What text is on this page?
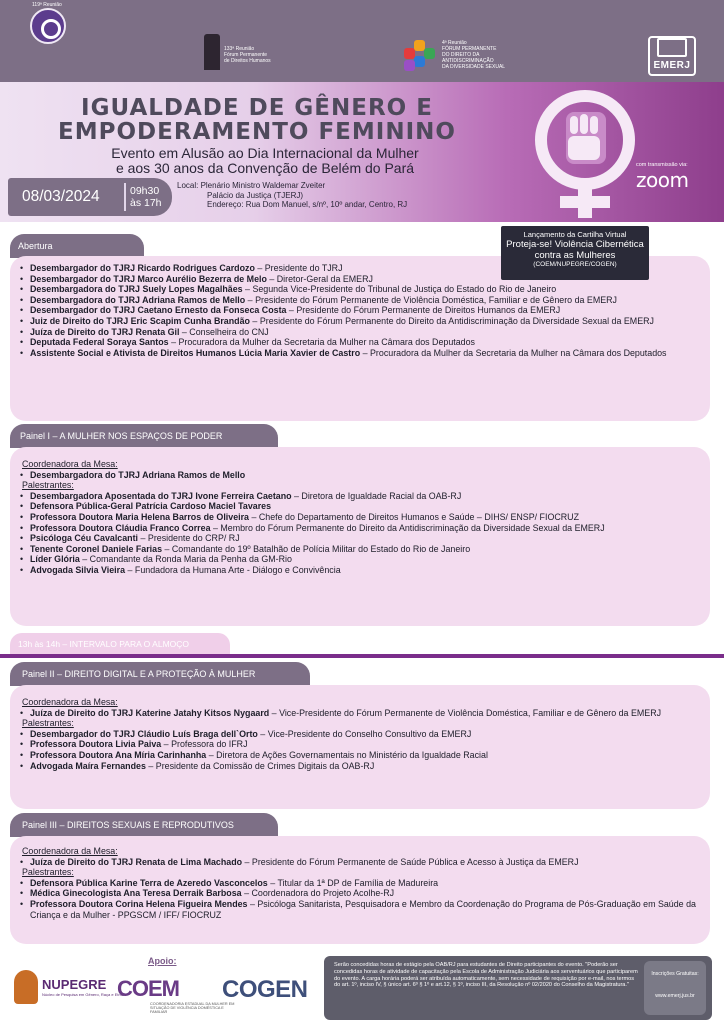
119ª Reunião
133ª Reunião
Fórum Permanente
de Direitos Humanos
4ª Reunião
FÓRUM PERMANENTE
DO DIREITO DA
ANTIDISCRIMINAÇÃO
DA DIVERSIDADE SEXUAL	EMERJ
IGUALDADE DE GÊNERO E
EMPODERAMENTO FEMININO
Evento em Alusão ao Dia Internacional da Mulher
e aos 30 anos da Convenção de Belém do Pará	com transmissão via:
zoom
08/03/2024	09h30
às 17h
Local: Plenário Ministro Waldemar Zveiter
Palácio da Justiça (TJERJ)
Endereço: Rua Dom Manuel, s/nº, 10º andar, Centro, RJ
Lançamento da Cartilha Virtual
Proteja-se! Violência Cibernética
contra as Mulheres
(COEM/NUPEGRE/COGEN)
Abertura
• Desembargador do TJRJ Ricardo Rodrigues Cardozo – Presidente do TJRJ
• Desembargador do TJRJ Marco Aurélio Bezerra de Melo – Diretor-Geral da EMERJ
• Desembargadora do TJRJ Suely Lopes Magalhães – Segunda Vice-Presidente do Tribunal de Justiça do Estado do Rio de Janeiro
• Desembargadora do TJRJ Adriana Ramos de Mello – Presidente do Fórum Permanente de Violência Doméstica, Familiar e de Gênero da EMERJ
• Desembargador do TJRJ Caetano Ernesto da Fonseca Costa – Presidente do Fórum Permanente de Direitos Humanos da EMERJ
• Juiz de Direito do TJRJ Eric Scapim Cunha Brandão – Presidente do Fórum Permanente do Direito da Antidiscriminação da Diversidade Sexual da EMERJ
• Juíza de Direito do TJRJ Renata Gil – Conselheira do CNJ
• Deputada Federal Soraya Santos – Procuradora da Mulher da Secretaria da Mulher na Câmara dos Deputados
• Assistente Social e Ativista de Direitos Humanos Lúcia Maria Xavier de Castro – Procuradora da Mulher da Secretaria da Mulher na Câmara dos Deputados
Painel I – A MULHER NOS ESPAÇOS DE PODER
Coordenadora da Mesa:
• Desembargadora do TJRJ Adriana Ramos de Mello
Palestrantes:
• Desembargadora Aposentada do TJRJ Ivone Ferreira Caetano – Diretora de Igualdade Racial da OAB-RJ
• Defensora Pública-Geral Patrícia Cardoso Maciel Tavares
• Professora Doutora Maria Helena Barros de Oliveira – Chefe do Departamento de Direitos Humanos e Saúde – DIHS/ ENSP/ FIOCRUZ
• Professora Doutora Cláudia Franco Correa – Membro do Fórum Permanente do Direito da Antidiscriminação da Diversidade Sexual da EMERJ
• Psicóloga Céu Cavalcanti – Presidente do CRP/ RJ
• Tenente Coronel Daniele Farias – Comandante do 19º Batalhão de Polícia Militar do Estado do Rio de Janeiro
• Líder Glória – Comandante da Ronda Maria da Penha da GM-Rio
• Advogada Silvia Vieira – Fundadora da Humana Arte - Diálogo e Convivência
13h às 14h – INTERVALO PARA O ALMOÇO
Painel II – DIREITO DIGITAL E A PROTEÇÃO À MULHER
Coordenadora da Mesa:
• Juíza de Direito do TJRJ Katerine Jatahy Kitsos Nygaard – Vice-Presidente do Fórum Permanente de Violência Doméstica, Familiar e de Gênero da EMERJ
Palestrantes:
• Desembargador do TJRJ Cláudio Luís Braga dell`Orto – Vice-Presidente do Conselho Consultivo da EMERJ
• Professora Doutora Livia Paiva – Professora do IFRJ
• Professora Doutora Ana Míria Carinhanha – Diretora de Ações Governamentais no Ministério da Igualdade Racial
• Advogada Maíra Fernandes – Presidente da Comissão de Crimes Digitais da OAB-RJ
Painel III – DIREITOS SEXUAIS E REPRODUTIVOS
Coordenadora da Mesa:
• Juíza de Direito do TJRJ Renata de Lima Machado – Presidente do Fórum Permanente de Saúde Pública e Acesso à Justiça da EMERJ
Palestrantes:
• Defensora Pública Karine Terra de Azeredo Vasconcelos – Titular da 1ª DP de Família de Madureira
• Médica Ginecologista Ana Teresa Derraik Barbosa – Coordenadora do Projeto Acolhe-RJ
• Professora Doutora Corina Helena Figueira Mendes – Psicóloga Sanitarista, Pesquisadora e Membro da Coordenação do Programa de Pós-Graduação em Saúde da Criança e da Mulher - PPGSCM / IFF/ FIOCRUZ
Apoio:
NUPEGRE
Núcleo de Pesquisa em Gênero, Raça e Etnia
COEM
COORDENADORIA ESTADUAL DA MULHER EM SITUAÇÃO DE VIOLÊNCIA DOMÉSTICA E FAMILIAR
COGEN
Serão concedidas horas de estágio pela OAB/RJ para estudantes de Direito participantes do evento. "Poderão ser concedidas horas de atividade de capacitação pela Escola de Administração Judiciária aos serventuários que participarem do evento. A carga horária poderá ser atribuída automaticamente, sem necessidade de requisição por e-mail, nos termos do art. 1º, inciso IV, § único art. 6º § 1º e art.12, § 1º, inciso III, da Resolução nº 02/2020 do Conselho da Magistratura."
Inscrições Gratuitas:
www.emerj.jus.br
